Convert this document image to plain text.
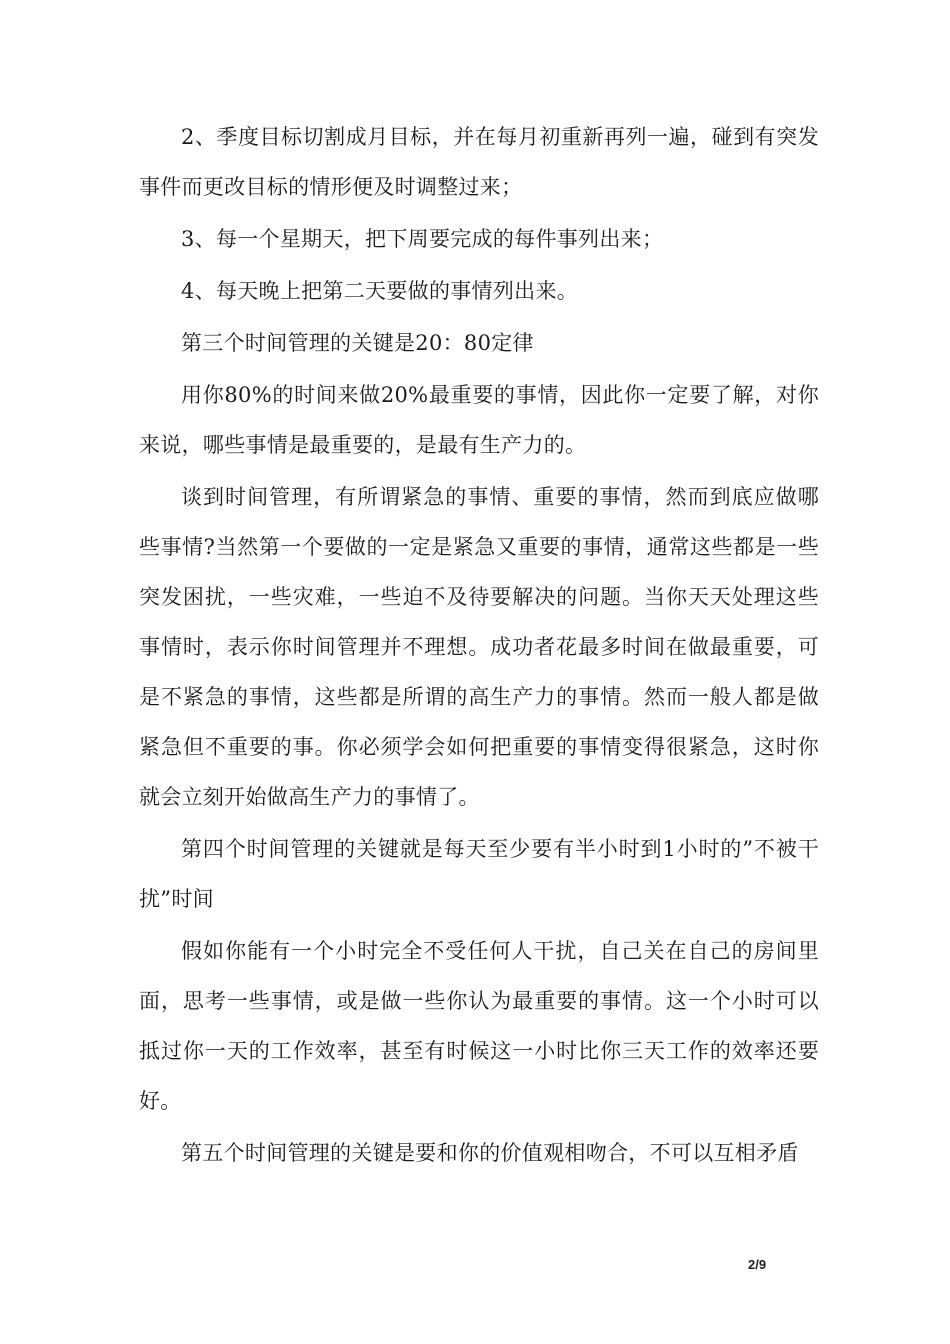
2、季度目标切割成月目标，并在每月初重新再列一遍，碰到有突发事件而更改目标的情形便及时调整过来；

3、每一个星期天，把下周要完成的每件事列出来；

4、每天晚上把第二天要做的事情列出来。

第三个时间管理的关键是20：80定律

用你80%的时间来做20%最重要的事情，因此你一定要了解，对你来说，哪些事情是最重要的，是最有生产力的。

谈到时间管理，有所谓紧急的事情、重要的事情，然而到底应做哪些事情?当然第一个要做的一定是紧急又重要的事情，通常这些都是一些突发困扰，一些灾难，一些迫不及待要解决的问题。当你天天处理这些事情时，表示你时间管理并不理想。成功者花最多时间在做最重要，可是不紧急的事情，这些都是所谓的高生产力的事情。然而一般人都是做紧急但不重要的事。你必须学会如何把重要的事情变得很紧急，这时你就会立刻开始做高生产力的事情了。

第四个时间管理的关键就是每天至少要有半小时到1小时的”不被干扰”时间

假如你能有一个小时完全不受任何人干扰，自己关在自己的房间里面，思考一些事情，或是做一些你认为最重要的事情。这一个小时可以抵过你一天的工作效率，甚至有时候这一小时比你三天工作的效率还要好。

第五个时间管理的关键是要和你的价值观相吻合，不可以互相矛盾

2/9
